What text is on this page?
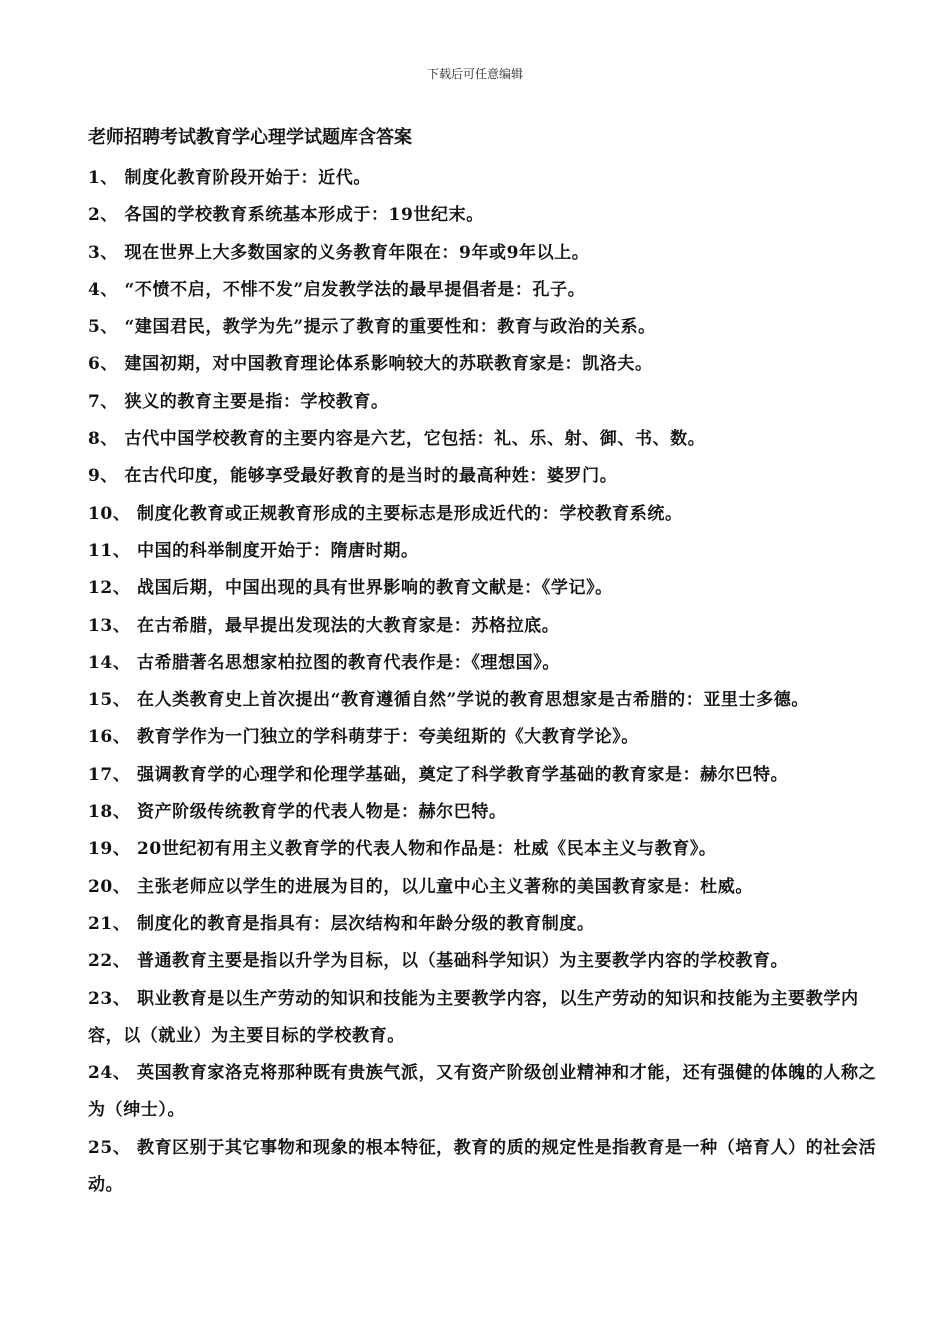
下载后可任意编辑
老师招聘考试教育学心理学试题库含答案
1、 制度化教育阶段开始于：近代。
2、 各国的学校教育系统基本形成于：19世纪末。
3、 现在世界上大多数国家的义务教育年限在：9年或9年以上。
4、 “不愤不启，不悱不发”启发教学法的最早提倡者是：孔子。
5、 “建国君民，教学为先”提示了教育的重要性和：教育与政治的关系。
6、 建国初期，对中国教育理论体系影响较大的苏联教育家是：凯洛夫。
7、 狭义的教育主要是指：学校教育。
8、 古代中国学校教育的主要内容是六艺，它包括：礼、乐、射、御、书、数。
9、 在古代印度，能够享受最好教育的是当时的最高种姓：婆罗门。
10、 制度化教育或正规教育形成的主要标志是形成近代的：学校教育系统。
11、 中国的科举制度开始于：隋唐时期。
12、 战国后期，中国出现的具有世界影响的教育文献是：《学记》。
13、 在古希腊，最早提出发现法的大教育家是：苏格拉底。
14、 古希腊著名思想家柏拉图的教育代表作是：《理想国》。
15、 在人类教育史上首次提出“教育遵循自然”学说的教育思想家是古希腊的：亚里士多德。
16、 教育学作为一门独立的学科萌芽于：夸美纽斯的《大教育学论》。
17、 强调教育学的心理学和伦理学基础，奠定了科学教育学基础的教育家是：赫尔巴特。
18、 资产阶级传统教育学的代表人物是：赫尔巴特。
19、 20世纪初有用主义教育学的代表人物和作品是：杜威《民本主义与教育》。
20、 主张老师应以学生的进展为目的，以儿童中心主义著称的美国教育家是：杜威。
21、 制度化的教育是指具有：层次结构和年龄分级的教育制度。
22、 普通教育主要是指以升学为目标，以（基础科学知识）为主要教学内容的学校教育。
23、 职业教育是以生产劳动的知识和技能为主要教学内容，以生产劳动的知识和技能为主要教学内容，以（就业）为主要目标的学校教育。
24、 英国教育家洛克将那种既有贵族气派，又有资产阶级创业精神和才能，还有强健的体魄的人称之为（绅士）。
25、 教育区别于其它事物和现象的根本特征，教育的质的规定性是指教育是一种（培育人）的社会活动。
